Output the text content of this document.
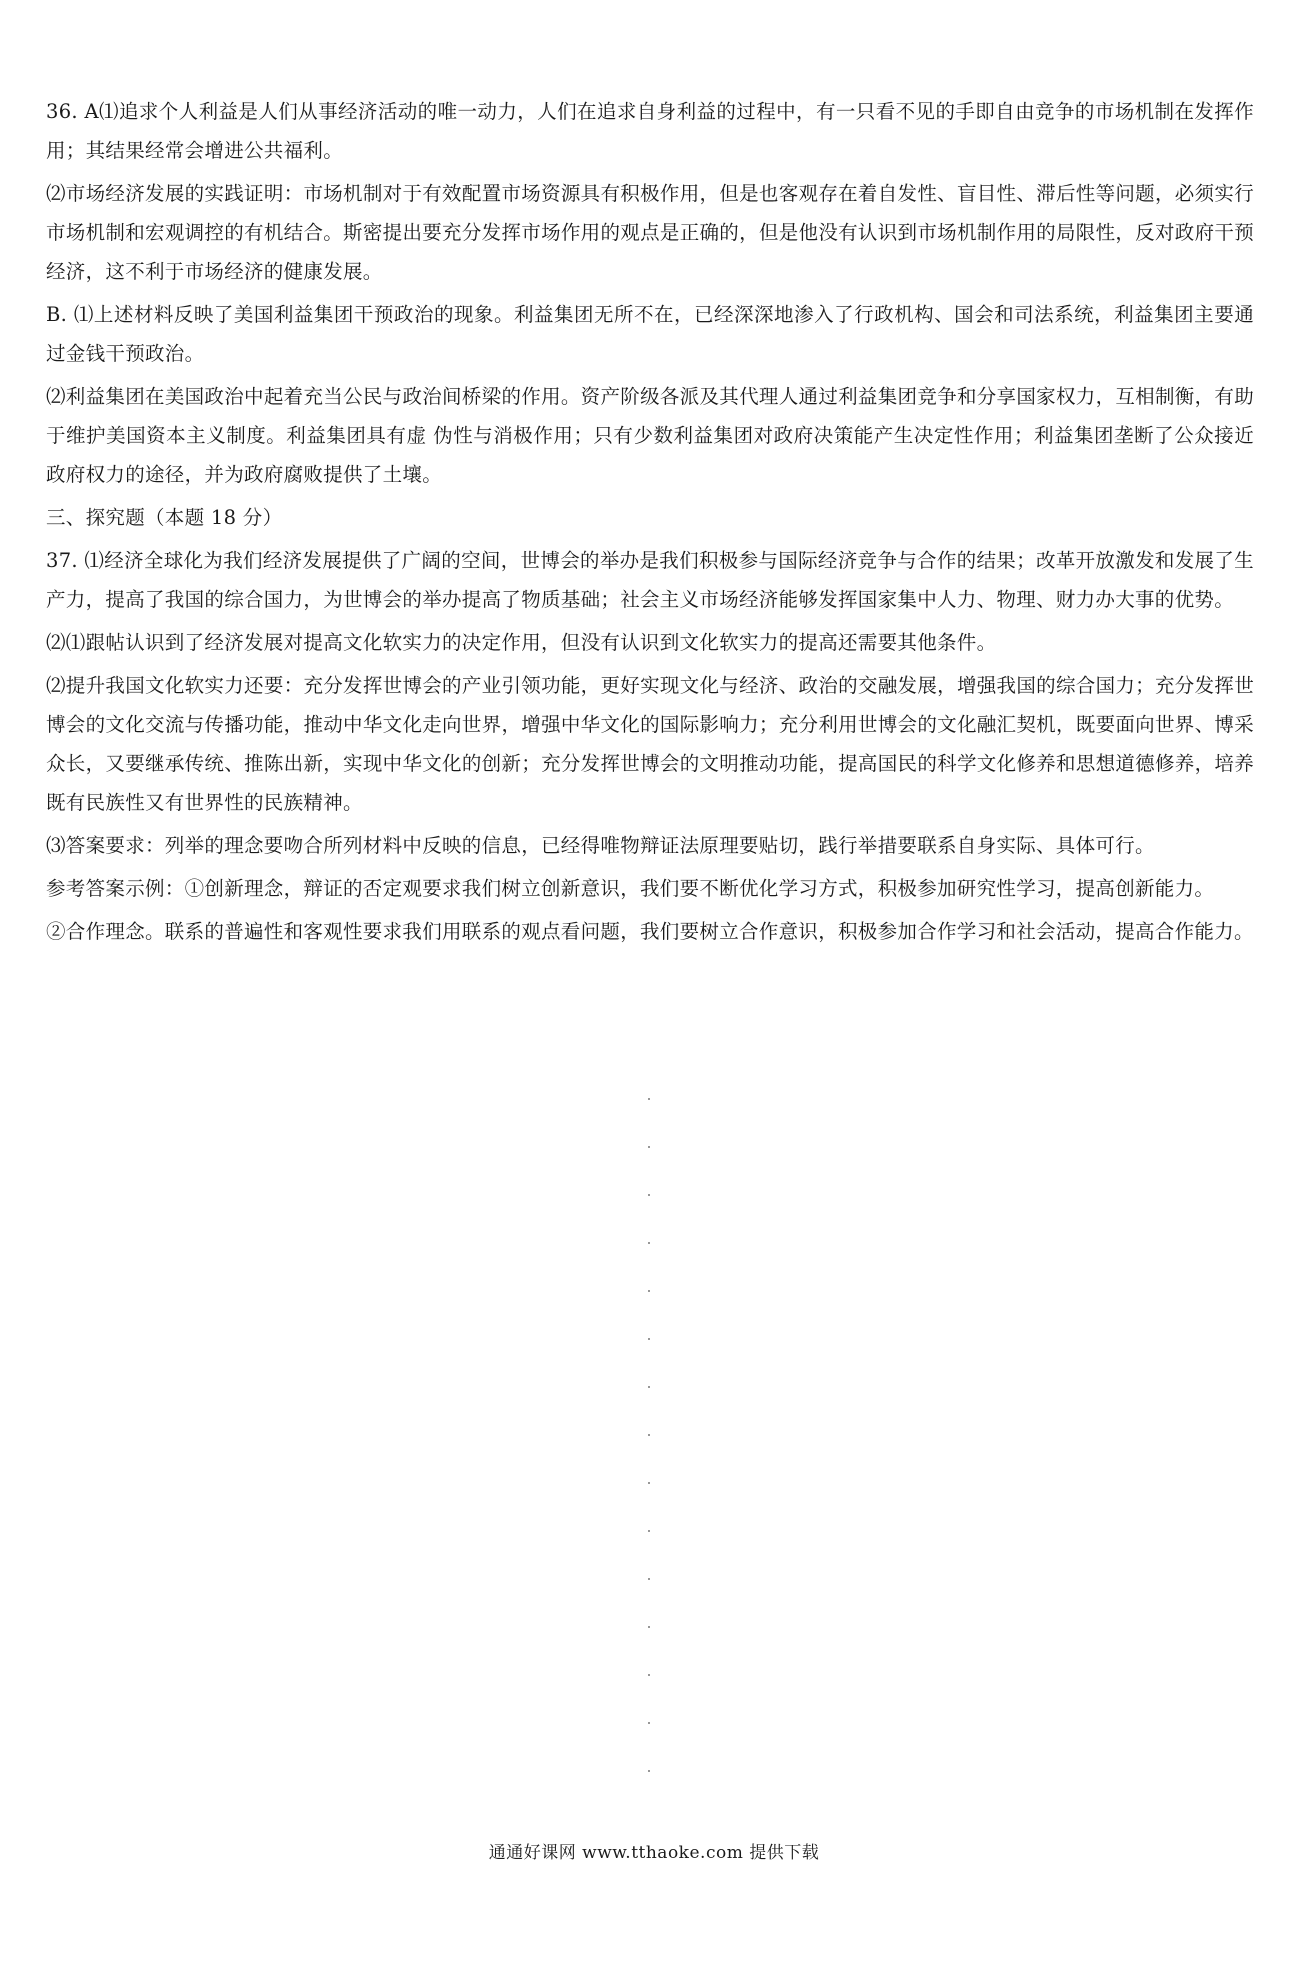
36. A⑴追求个人利益是人们从事经济活动的唯一动力，人们在追求自身利益的过程中，有一只看不见的手即自由竞争的市场机制在发挥作用；其结果经常会增进公共福利。

⑵市场经济发展的实践证明：市场机制对于有效配置市场资源具有积极作用，但是也客观存在着自发性、盲目性、滞后性等问题，必须实行市场机制和宏观调控的有机结合。斯密提出要充分发挥市场作用的观点是正确的，但是他没有认识到市场机制作用的局限性，反对政府干预经济，这不利于市场经济的健康发展。

B. ⑴上述材料反映了美国利益集团干预政治的现象。利益集团无所不在，已经深深地渗入了行政机构、国会和司法系统，利益集团主要通过金钱干预政治。

⑵利益集团在美国政治中起着充当公民与政治间桥梁的作用。资产阶级各派及其代理人通过利益集团竞争和分享国家权力，互相制衡，有助于维护美国资本主义制度。利益集团具有虚 伪性与消极作用；只有少数利益集团对政府决策能产生决定性作用；利益集团垄断了公众接近政府权力的途径，并为政府腐败提供了土壤。

三、探究题（本题 18 分）

37. ⑴经济全球化为我们经济发展提供了广阔的空间，世博会的举办是我们积极参与国际经济竞争与合作的结果；改革开放激发和发展了生产力，提高了我国的综合国力，为世博会的举办提高了物质基础；社会主义市场经济能够发挥国家集中人力、物理、财力办大事的优势。

⑵⑴跟帖认识到了经济发展对提高文化软实力的决定作用，但没有认识到文化软实力的提高还需要其他条件。

⑵提升我国文化软实力还要：充分发挥世博会的产业引领功能，更好实现文化与经济、政治的交融发展，增强我国的综合国力；充分发挥世博会的文化交流与传播功能，推动中华文化走向世界，增强中华文化的国际影响力；充分利用世博会的文化融汇契机，既要面向世界、博采众长，又要继承传统、推陈出新，实现中华文化的创新；充分发挥世博会的文明推动功能，提高国民的科学文化修养和思想道德修养，培养既有民族性又有世界性的民族精神。

⑶答案要求：列举的理念要吻合所列材料中反映的信息，已经得唯物辩证法原理要贴切，践行举措要联系自身实际、具体可行。

参考答案示例：①创新理念，辩证的否定观要求我们树立创新意识，我们要不断优化学习方式，积极参加研究性学习，提高创新能力。

②合作理念。联系的普遍性和客观性要求我们用联系的观点看问题，我们要树立合作意识，积极参加合作学习和社会活动，提高合作能力。

通通好课网 www.tthaoke.com 提供下载
